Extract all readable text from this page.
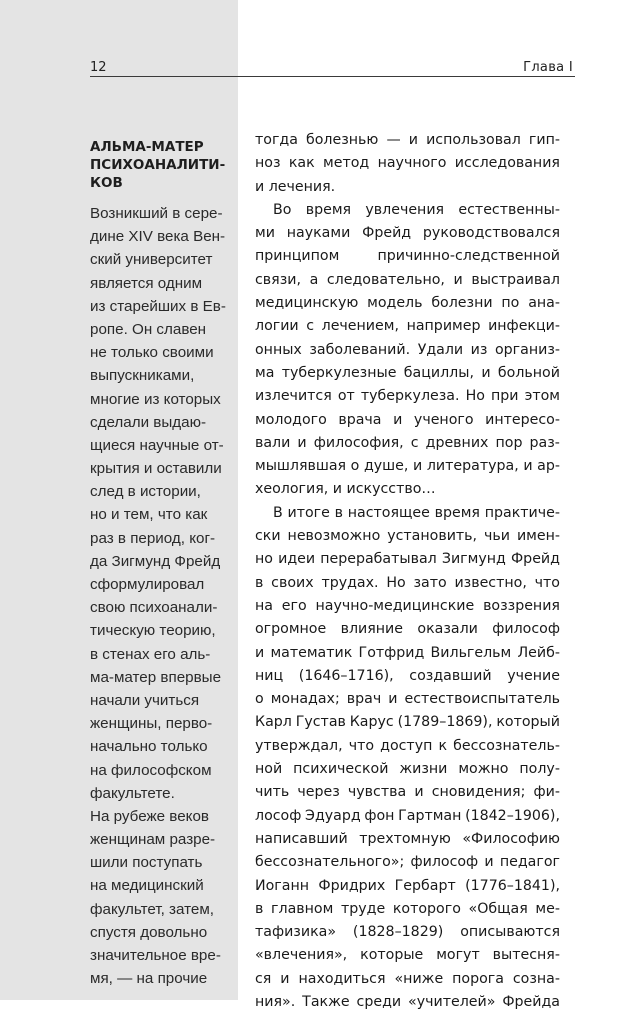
12	Глава I
АЛЬМА-МАТЕР
ПСИХОАНАЛИТИ-
КОВ
Возникший в сере-
дине XIV века Вен-
ский университет
является одним
из старейших в Ев-
ропе. Он славен
не только своими
выпускниками,
многие из которых
сделали выдаю-
щиеся научные от-
крытия и оставили
след в истории,
но и тем, что как
раз в период, ког-
да Зигмунд Фрейд
сформулировал
свою психоанали-
тическую теорию,
в стенах его аль-
ма-матер впервые
начали учиться
женщины, перво-
начально только
на философском
факультете.
На рубеже веков
женщинам разре-
шили поступать
на медицинский
факультет, затем,
спустя довольно
значительное вре-
мя, — на прочие
тогда болезнью — и использовал гип-
ноз как метод научного исследования
и лечения.
Во время увлечения естественны-
ми науками Фрейд руководствовался
принципом	причинно-следственной
связи, а следовательно, и выстраивал
медицинскую модель болезни по ана-
логии с лечением, например инфекци-
онных заболеваний. Удали из организ-
ма туберкулезные бациллы, и больной
излечится от туберкулеза. Но при этом
молодого врача и ученого интересо-
вали и философия, с древних пор раз-
мышлявшая о душе, и литература, и ар-
хеология, и искусство…
В итоге в настоящее время практиче-
ски невозможно установить, чьи имен-
но идеи перерабатывал Зигмунд Фрейд
в своих трудах. Но зато известно, что
на его научно-медицинские воззрения
огромное влияние оказали философ
и математик Готфрид Вильгельм Лейб-
ниц (1646–1716), создавший учение
о монадах; врач и естествоиспытатель
Карл Густав Карус (1789–1869), который
утверждал, что доступ к бессознатель-
ной психической жизни можно полу-
чить через чувства и сновидения; фи-
лософ Эдуард фон Гартман (1842–1906),
написавший трехтомную «Философию
бессознательного»; философ и педагог
Иоганн Фридрих Гербарт (1776–1841),
в главном труде которого «Общая ме-
тафизика» (1828–1829) описываются
«влечения», которые могут вытесня-
ся и находиться «ниже порога созна-
ния». Также среди «учителей» Фрейда
